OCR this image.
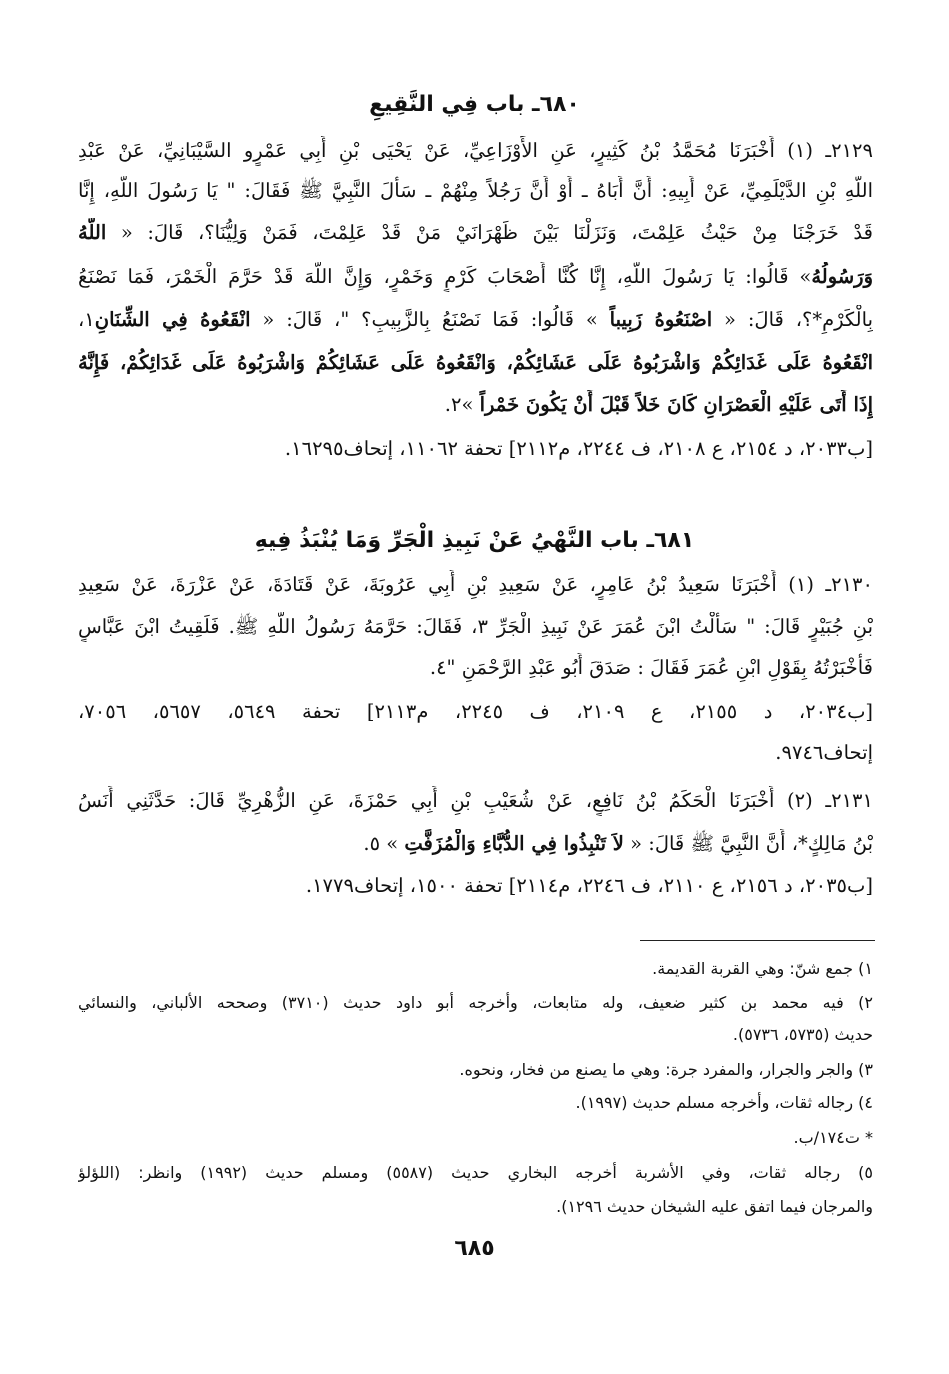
٦٨٠ـ باب فِي النَّقِيعِ
٢١٢٩ـ (١) أَخْبَرَنَا مُحَمَّدُ بْنُ كَثِيرٍ، عَنِ الأَوْزَاعِيِّ، عَنْ يَحْيَى بْنِ أَبِي عَمْرٍو السَّيْبَانِيِّ، عَنْ عَبْدِ
اللَّهِ بْنِ الدَّيْلَمِيِّ، عَنْ أَبِيهِ: أَنَّ أَبَاهُ ـ أَوْ أَنَّ رَجُلاً مِنْهُمْ ـ سَأَلَ النَّبِيَّ ﷺ فَقَالَ: " يَا رَسُولَ اللَّهِ، إِنَّا
قَدْ خَرَجْنَا مِنْ حَيْثُ عَلِمْتَ، وَنَزَلْنَا بَيْنَ ظَهْرَانَيْ مَنْ قَدْ عَلِمْتَ، فَمَنْ وَلِيُّنَا؟، قَالَ: « اللَّهُ
وَرَسُولُهُ» قَالُوا: يَا رَسُولَ اللَّهِ، إِنَّا كُنَّا أَصْحَابَ كَرْمٍ وَخَمْرٍ، وَإِنَّ اللَّهَ قَدْ حَرَّمَ الْخَمْرَ، فَمَا نَصْنَعُ
بِالْكَرْمِ*؟، قَالَ: « اصْنَعُوهُ زَبِيباً » قَالُوا: فَمَا نَصْنَعُ بِالزَّبِيبِ؟ "، قَالَ: « انْقَعُوهُ فِي الشِّنَانِ١،
انْقَعُوهُ عَلَى غَدَائِكُمْ وَاشْرَبُوهُ عَلَى عَشَائِكُمْ، وَانْقَعُوهُ عَلَى عَشَائِكُمْ وَاشْرَبُوهُ عَلَى غَدَائِكُمْ، فَإِنَّهُ
إِذَا أَتَى عَلَيْهِ الْعَصْرَانِ كَانَ خَلاً قَبْلَ أَنْ يَكُونَ خَمْراً »٢.
[ب٢٠٣٣، د ٢١٥٤، ع ٢١٠٨، ف ٢٢٤٤، م٢١١٢] تحفة ١١٠٦٢، إتحاف١٦٢٩٥.
٦٨١ـ باب النَّهْيُ عَنْ نَبِيذِ الْجَرِّ وَمَا يُنْبَذُ فِيهِ
٢١٣٠ـ (١) أَخْبَرَنَا سَعِيدُ بْنُ عَامِرٍ، عَنْ سَعِيدِ بْنِ أَبِي عَرُوبَةَ، عَنْ قَتَادَةَ، عَنْ عَزْرَةَ، عَنْ سَعِيدِ
بْنِ جُبَيْرٍ قَالَ: " سَأَلْتُ ابْنَ عُمَرَ عَنْ نَبِيذِ الْجَرِّ ٣، فَقَالَ: حَرَّمَهُ رَسُولُ اللَّهِ ﷺ. فَلَقِيتُ ابْنَ عَبَّاسٍ
فَأَخْبَرْتُهُ بِقَوْلِ ابْنِ عُمَرَ فَقَالَ : صَدَقَ أَبُو عَبْدِ الرَّحْمَنِ "٤.
[ب٢٠٣٤، د ٢١٥٥، ع ٢١٠٩، ف ٢٢٤٥، م٢١١٣] تحفة ٥٦٤٩، ٥٦٥٧، ٧٠٥٦،
إتحاف٩٧٤٦.
٢١٣١ـ (٢) أَخْبَرَنَا الْحَكَمُ بْنُ نَافِعٍ، عَنْ شُعَيْبِ بْنِ أَبِي حَمْزَةَ، عَنِ الزُّهْرِيِّ قَالَ: حَدَّثَنِي أَنَسُ
بْنُ مَالِكٍ*، أَنَّ النَّبِيَّ ﷺ قَالَ: « لاَ تَنْبِذُوا فِي الدُّبَّاءِ وَالْمُزَفَّتِ » ٥.
[ب٢٠٣٥، د ٢١٥٦، ع ٢١١٠، ف ٢٢٤٦، م٢١١٤] تحفة ١٥٠٠، إتحاف١٧٧٩.
١) جمع شنّ: وهي القربة القديمة.
٢) فيه محمد بن كثير ضعيف، وله متابعات، وأخرجه أبو داود حديث (٣٧١٠) وصححه الألباني، والنسائي
حديث (٥٧٣٥، ٥٧٣٦).
٣) والجر والجرار، والمفرد جرة: وهي ما يصنع من فخار، ونحوه.
٤) رجاله ثقات، وأخرجه مسلم حديث (١٩٩٧).
* ت١٧٤/ب.
٥) رجاله ثقات، وفي الأشربة أخرجه البخاري حديث (٥٥٨٧) ومسلم حديث (١٩٩٢) وانظر: (اللؤلؤ
والمرجان فيما اتفق عليه الشيخان حديث ١٢٩٦).
٦٨٥
